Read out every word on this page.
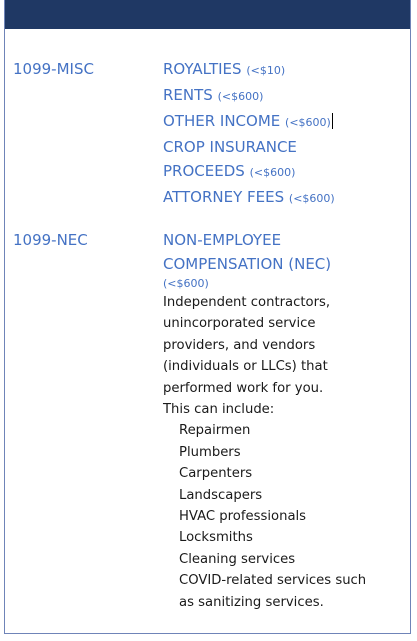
1099-MISC	ROYALTIES (<$10)
RENTS (<$600)
OTHER INCOME (<$600)
CROP INSURANCE
PROCEEDS (<$600)
ATTORNEY FEES (<$600)
1099-NEC	NON-EMPLOYEE
COMPENSATION (NEC)
(<$600)
Independent contractors,
unincorporated service
providers, and vendors
(individuals or LLCs) that
performed work for you.
This can include:
Repairmen
Plumbers
Carpenters
Landscapers
HVAC professionals
Locksmiths
Cleaning services
COVID-related services such
as sanitizing services.
